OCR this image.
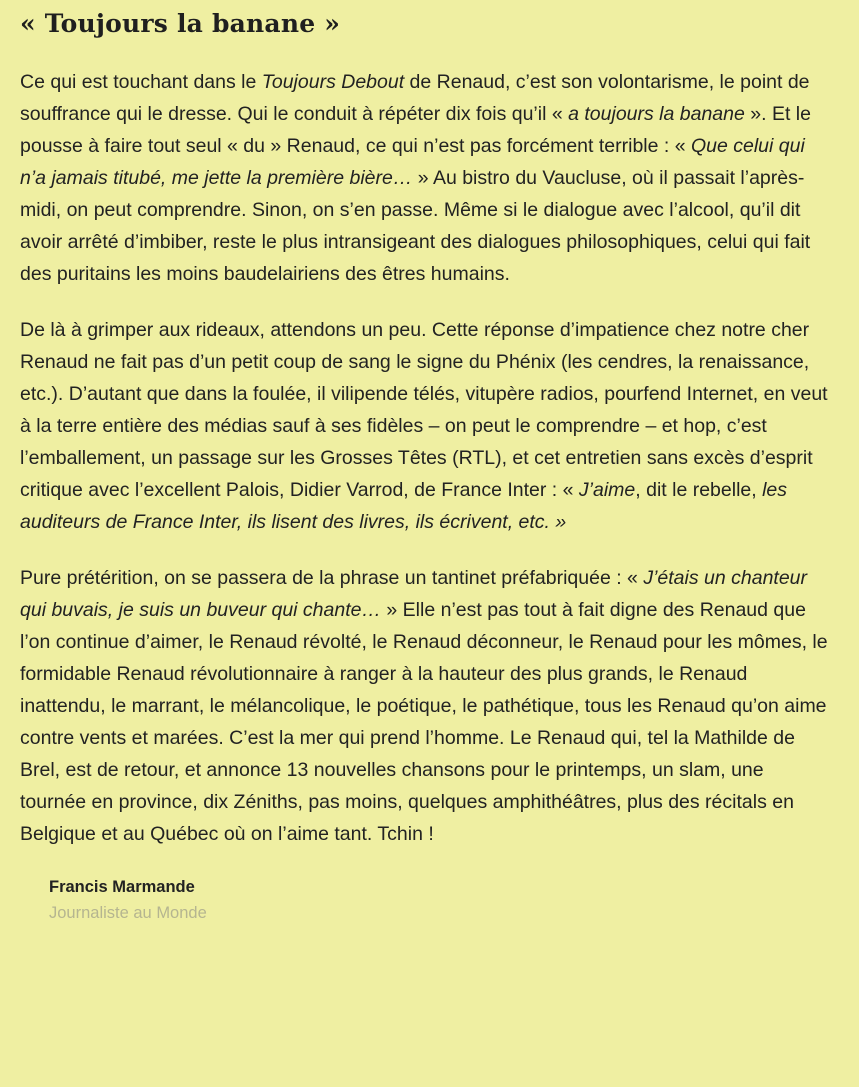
« Toujours la banane »

Ce qui est touchant dans le Toujours Debout de Renaud, c’est son volontarisme, le point de souffrance qui le dresse. Qui le conduit à répéter dix fois qu’il « a toujours la banane ». Et le pousse à faire tout seul « du » Renaud, ce qui n’est pas forcément terrible : « Que celui qui n’a jamais titubé, me jette la première bière… » Au bistro du Vaucluse, où il passait l’après-midi, on peut comprendre. Sinon, on s’en passe. Même si le dialogue avec l’alcool, qu’il dit avoir arrêté d’imbiber, reste le plus intransigeant des dialogues philosophiques, celui qui fait des puritains les moins baudelairiens des êtres humains.

De là à grimper aux rideaux, attendons un peu. Cette réponse d’impatience chez notre cher Renaud ne fait pas d’un petit coup de sang le signe du Phénix (les cendres, la renaissance, etc.). D’autant que dans la foulée, il vilipende télés, vitupère radios, pourfend Internet, en veut à la terre entière des médias sauf à ses fidèles – on peut le comprendre – et hop, c’est l’emballement, un passage sur les Grosses Têtes (RTL), et cet entretien sans excès d’esprit critique avec l’excellent Palois, Didier Varrod, de France Inter : « J’aime, dit le rebelle, les auditeurs de France Inter, ils lisent des livres, ils écrivent, etc. »

Pure prétérition, on se passera de la phrase un tantinet préfabriquée : « J’étais un chanteur qui buvais, je suis un buveur qui chante… » Elle n’est pas tout à fait digne des Renaud que l’on continue d’aimer, le Renaud révolté, le Renaud déconneur, le Renaud pour les mômes, le formidable Renaud révolutionnaire à ranger à la hauteur des plus grands, le Renaud inattendu, le marrant, le mélancolique, le poétique, le pathétique, tous les Renaud qu’on aime contre vents et marées. C’est la mer qui prend l’homme. Le Renaud qui, tel la Mathilde de Brel, est de retour, et annonce 13 nouvelles chansons pour le printemps, un slam, une tournée en province, dix Zéniths, pas moins, quelques amphithéâtres, plus des récitals en Belgique et au Québec où on l’aime tant. Tchin !

Francis Marmande
Journaliste au Monde
